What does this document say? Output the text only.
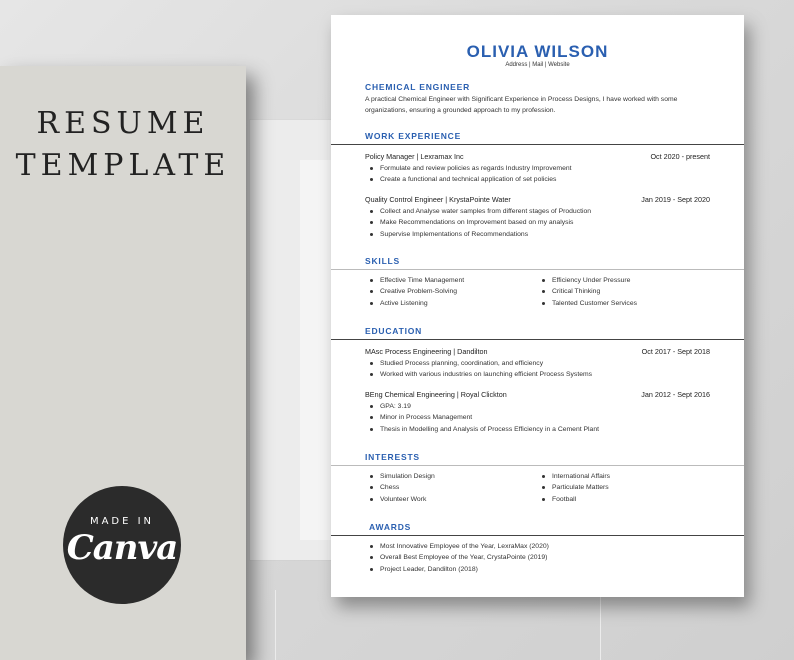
RESUME
TEMPLATE
MADE IN
Canva
OLIVIA WILSON
Address | Mail | Website
CHEMICAL ENGINEER
A practical Chemical Engineer with Significant Experience in Process Designs, I have worked with some organizations, ensuring a grounded approach to my profession.
WORK EXPERIENCE
Policy Manager | Lexramax Inc	Oct 2020 - present
Formulate and review policies as regards Industry Improvement
Create a functional and technical application of set policies
Quality Control Engineer | KrystaPointe Water	Jan 2019 - Sept 2020
Collect and Analyse water samples from different stages of Production
Make Recommendations on Improvement based on my analysis
Supervise Implementations of Recommendations
SKILLS
Effective Time Management
Creative Problem-Solving
Active Listening
Efficiency Under Pressure
Critical Thinking
Talented Customer Services
EDUCATION
MAsc Process Engineering | Dandilton	Oct 2017 - Sept 2018
Studied Process planning, coordination, and efficiency
Worked with various industries on launching efficient Process Systems
BEng Chemical Engineering | Royal Clickton	Jan 2012 - Sept 2016
GPA: 3.19
Minor in Process Management
Thesis in Modelling and Analysis of Process Efficiency in a Cement Plant
INTERESTS
Simulation Design
Chess
Volunteer Work
International Affairs
Particulate Matters
Football
AWARDS
Most Innovative Employee of the Year, LexraMax (2020)
Overall Best Employee of the Year, CrystaPointe (2019)
Project Leader, Dandilton (2018)
